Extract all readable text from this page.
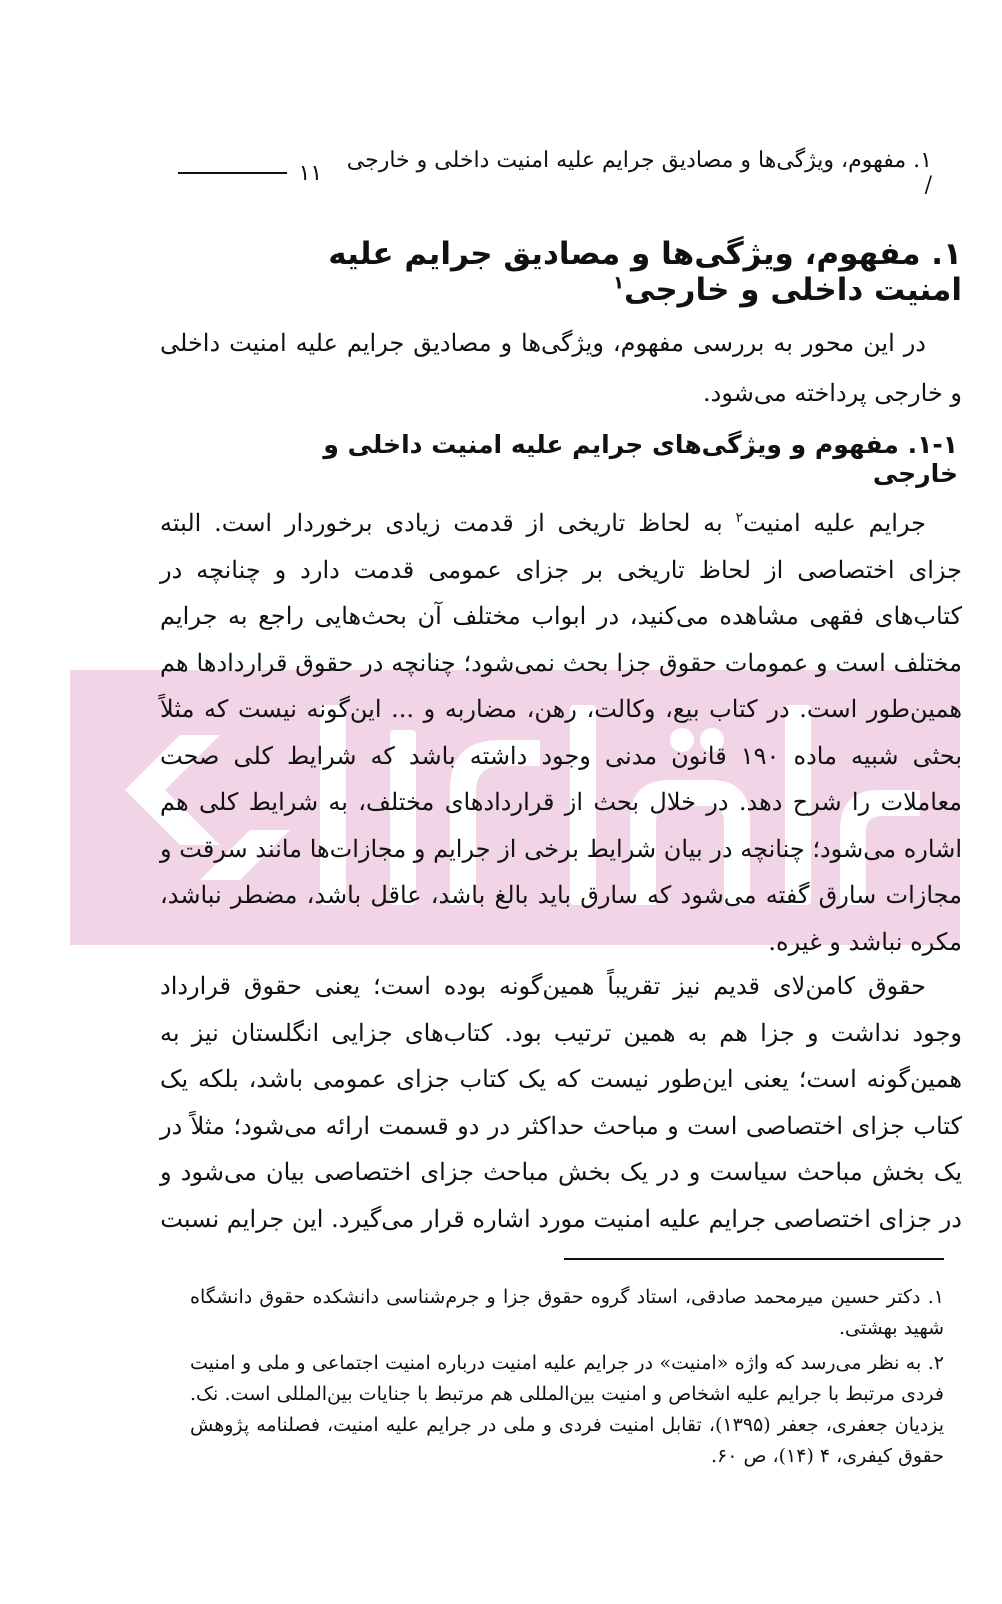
۱. مفهوم، ویژگی‌ها و مصادیق جرایم علیه امنیت داخلی و خارجی /
۱۱
۱. مفهوم، ویژگی‌ها و مصادیق جرایم علیه امنیت داخلی و خارجی$^۱$

در این محور به بررسی مفهوم، ویژگی‌ها و مصادیق جرایم علیه امنیت داخلی و خارجی پرداخته می‌شود.

۱-۱. مفهوم و ویژگی‌های جرایم علیه امنیت داخلی و خارجی

جرایم علیه امنیت$^۲$ به لحاظ تاریخی از قدمت زیادی برخوردار است. البته جزای اختصاصی از لحاظ تاریخی بر جزای عمومی قدمت دارد و چنانچه در کتاب‌های فقهی مشاهده می‌کنید، در ابواب مختلف آن بحث‌هایی راجع به جرایم مختلف است و عمومات حقوق جزا بحث نمی‌شود؛ چنانچه در حقوق قراردادها هم همین‌طور است. در کتاب بیع، وکالت، رهن، مضاربه و ... این‌گونه نیست که مثلاً بحثی شبیه ماده ۱۹۰ قانون مدنی وجود داشته باشد که شرایط کلی صحت معاملات را شرح دهد. در خلال بحث از قراردادهای مختلف، به شرایط کلی هم اشاره می‌شود؛ چنانچه در بیان شرایط برخی از جرایم و مجازات‌ها مانند سرقت و مجازات سارق گفته می‌شود که سارق باید بالغ باشد، عاقل باشد، مضطر نباشد، مکره نباشد و غیره.

حقوق کامن‌لای قدیم نیز تقریباً همین‌گونه بوده است؛ یعنی حقوق قرارداد وجود نداشت و جزا هم به همین ترتیب بود. کتاب‌های جزایی انگلستان نیز به همین‌گونه است؛ یعنی این‌طور نیست که یک کتاب جزای عمومی باشد، بلکه یک کتاب جزای اختصاصی است و مباحث حداکثر در دو قسمت ارائه می‌شود؛ مثلاً در یک بخش مباحث سیاست و در یک بخش مباحث جزای اختصاصی بیان می‌شود و در جزای اختصاصی جرایم علیه امنیت مورد اشاره قرار می‌گیرد. این جرایم نسبت

۱. دکتر حسین میرمحمد صادقی، استاد گروه حقوق جزا و جرم‌شناسی دانشکده حقوق دانشگاه شهید بهشتی.

۲. به نظر می‌رسد که واژه «امنیت» در جرایم علیه امنیت درباره امنیت اجتماعی و ملی و امنیت فردی مرتبط با جرایم علیه اشخاص و امنیت بین‌المللی هم مرتبط با جنایات بین‌المللی است. نک. یزدیان جعفری، جعفر (۱۳۹۵)، تقابل امنیت فردی و ملی در جرایم علیه امنیت، فصلنامه پژوهش حقوق کیفری، ۴ (۱۴)، ص ۶۰.
